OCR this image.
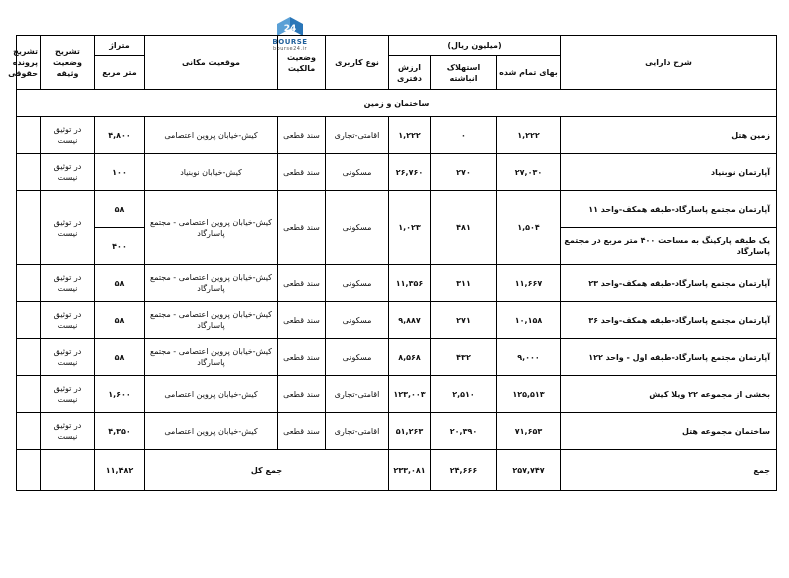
24
BOURSE
bourse24.ir
شرح دارایی	(میلیون ریال)			نوع کاربری	وضعیت مالکیت	موقعیت مکانی	متراژ	تشریح وضعیت وثیقه	تشریح پرونده حقوقی
	بهای تمام شده	استهلاک انباشته	ارزش دفتری				متر مربع		
ساختمان و زمین									
زمین هتل	۱,۲۲۲	۰	۱,۲۲۲	اقامتی-تجاری	سند قطعی	کیش-خیابان پروین اعتصامی	۴,۸۰۰	در توثیق نیست	
آپارتمان نوبنیاد	۲۷,۰۳۰	۲۷۰	۲۶,۷۶۰	مسکونی	سند قطعی	کیش-خیابان نوبنیاد	۱۰۰	در توثیق نیست	
آپارتمان مجتمع پاسارگاد-طبقه همکف-واحد ۱۱	۱,۵۰۴	۴۸۱	۱,۰۲۳	مسکونی	سند قطعی	کیش-خیابان پروین اعتصامی - مجتمع پاسارگاد	۵۸	در توثیق نیست	
یک طبقه پارکینگ به مساحت ۴۰۰ متر مربع در مجتمع پاسارگاد							۴۰۰		
آپارتمان مجتمع پاسارگاد-طبقه همکف-واحد ۲۳	۱۱,۶۶۷	۳۱۱	۱۱,۳۵۶	مسکونی	سند قطعی	کیش-خیابان پروین اعتصامی - مجتمع پاسارگاد	۵۸	در توثیق نیست	
آپارتمان مجتمع پاسارگاد-طبقه همکف-واحد ۳۶	۱۰,۱۵۸	۲۷۱	۹,۸۸۷	مسکونی	سند قطعی	کیش-خیابان پروین اعتصامی - مجتمع پاسارگاد	۵۸	در توثیق نیست	
آپارتمان مجتمع پاسارگاد-طبقه اول - واحد ۱۲۲	۹,۰۰۰	۴۳۲	۸,۵۶۸	مسکونی	سند قطعی	کیش-خیابان پروین اعتصامی - مجتمع پاسارگاد	۵۸	در توثیق نیست	
بخشی از مجموعه ۲۲ ویلا کیش	۱۲۵,۵۱۳	۲,۵۱۰	۱۲۳,۰۰۳	اقامتی-تجاری	سند قطعی	کیش-خیابان پروین اعتصامی	۱,۶۰۰	در توثیق نیست	
ساختمان مجموعه هتل	۷۱,۶۵۳	۲۰,۳۹۰	۵۱,۲۶۳	اقامتی-تجاری	سند قطعی	کیش-خیابان پروین اعتصامی	۴,۳۵۰	در توثیق نیست	
جمع	۲۵۷,۷۴۷	۲۴,۶۶۶	۲۳۳,۰۸۱	جمع کل			۱۱,۴۸۲		
